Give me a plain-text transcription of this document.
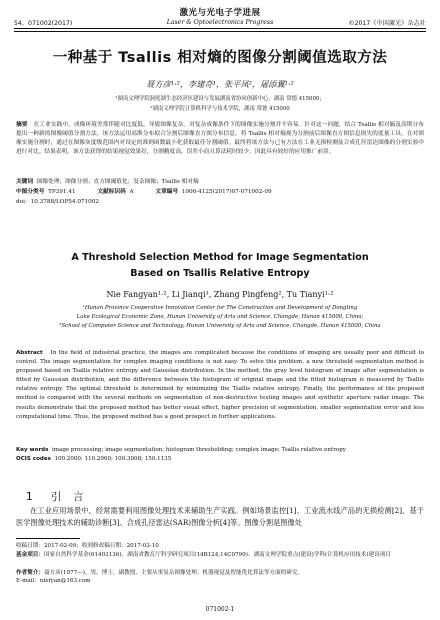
54，071002(2017)
激光与光电子学进展
Laser & Optoelectronics Progress	©2017《中国激光》杂志社
一种基于 Tsallis 相对熵的图像分割阈值选取方法
聂方彦¹·²，李建奇¹，张平凤²，屠添翼¹·²
¹湖南文理学院洞庭湖生态经济区建设与发展湖南省协同创新中心，湖南 常德 415000；
²湖南文理学院计算机科学与技术学院，湖南 常德 415000
摘要 在工业实践中，成像环境差常伴随对比度低、导致图像复杂。对复杂成像条件下的图像实施分割并不容易。针对这一问题，结合 Tsallis 相对熵及高斯分布提出一种新的图像阈值分割方法。该方法运用高斯分布拟合分割后图像直方图分布信息，将 Tsallis 相对熵视为分割前后图像直方图信息损失的度量工具。在对图像实施分割时，通过在图像灰度级范围内对设定的准则函数最小化获取最佳分割阈值。最终将该方法与已有方法在工业无损检测及合成孔径雷达图像的分割实验中进行对比。结果表明，该方法获得的结果视觉效果好，分割精度高，误差小而且算法耗时较少，因此具有较好的应用推广前景。
关键词 图像处理；图像分割；直方图阈值化；复杂图像；Tsallis 相对熵
中图分类号 TP391.41	文献标识码 A	文章编号 1006-4125(2017)07-071002-09
doi：10.3788/LOP54.071002
A Threshold Selection Method for Image Segmentation
Based on Tsallis Relative Entropy
Nie Fangyan¹·², Li Jianqi¹, Zhang Pingfeng², Tu Tianyi¹·²
¹Hunan Province Cooperative Innovation Center for The Construction and Development of Dongting
Lake Ecological Economic Zone, Hunan University of Arts and Science, Changde, Hunan 415000, China;
²School of Computer Science and Technology, Hunan University of Arts and Science, Changde, Hunan 415000, China
Abstract In the field of industrial practice, the images are complicated because the conditions of imaging are usually poor and difficult to control. The image segmentation for complex imaging conditions is not easy. To solve this problem, a new threshold segmentation method is proposed based on Tsallis relative entropy and Gaussian distribution. In the method, the gray level histogram of image after segmentation is fitted by Gaussian distribution, and the difference between the histogram of original image and the fitted histogram is measured by Tsallis relative entropy. The optimal threshold is determined by minimizing the Tsallis relative entropy. Finally, the performance of the proposed method is compared with the several methods on segmentation of non-destructive testing images and synthetic aperture radar image. The results demonstrate that the proposed method has better visual effect, higher precision of segmentation, smaller segmentation error and less computational time. Thus, the proposed method has a good prospect in further applications.
Key words image processing; image segmentation; histogram thresholding; complex image; Tsallis relative entropy
OCIS codes 100.2000; 110.2960; 100.3008; 150.1135
1 引言

在工业应用场景中，经常需要利用图像处理技术来辅助生产实践。例如场景监控[1]、工业流水线产品的无损检测[2]、基于医学图像处理技术的辅助诊断[3]、合成孔径雷达(SAR)图像分析[4]等。图像分割是图像处

收稿日期：2017-02-09；收到修改稿日期：2017-03-10
基金项目：国家自然科学基金(61403136)、湖南省教育厅科学研究项目(14B124,14C0790)、湖南文理学院重点(建设)学科(计算机应用技术)建设项目
作者简介：聂方彦(1977—)，男，博士，副教授，主要从事复杂图像处理、机器视觉及智能优化算法等方面的研究。
E-mail：niefyan@163.com
071002-1
